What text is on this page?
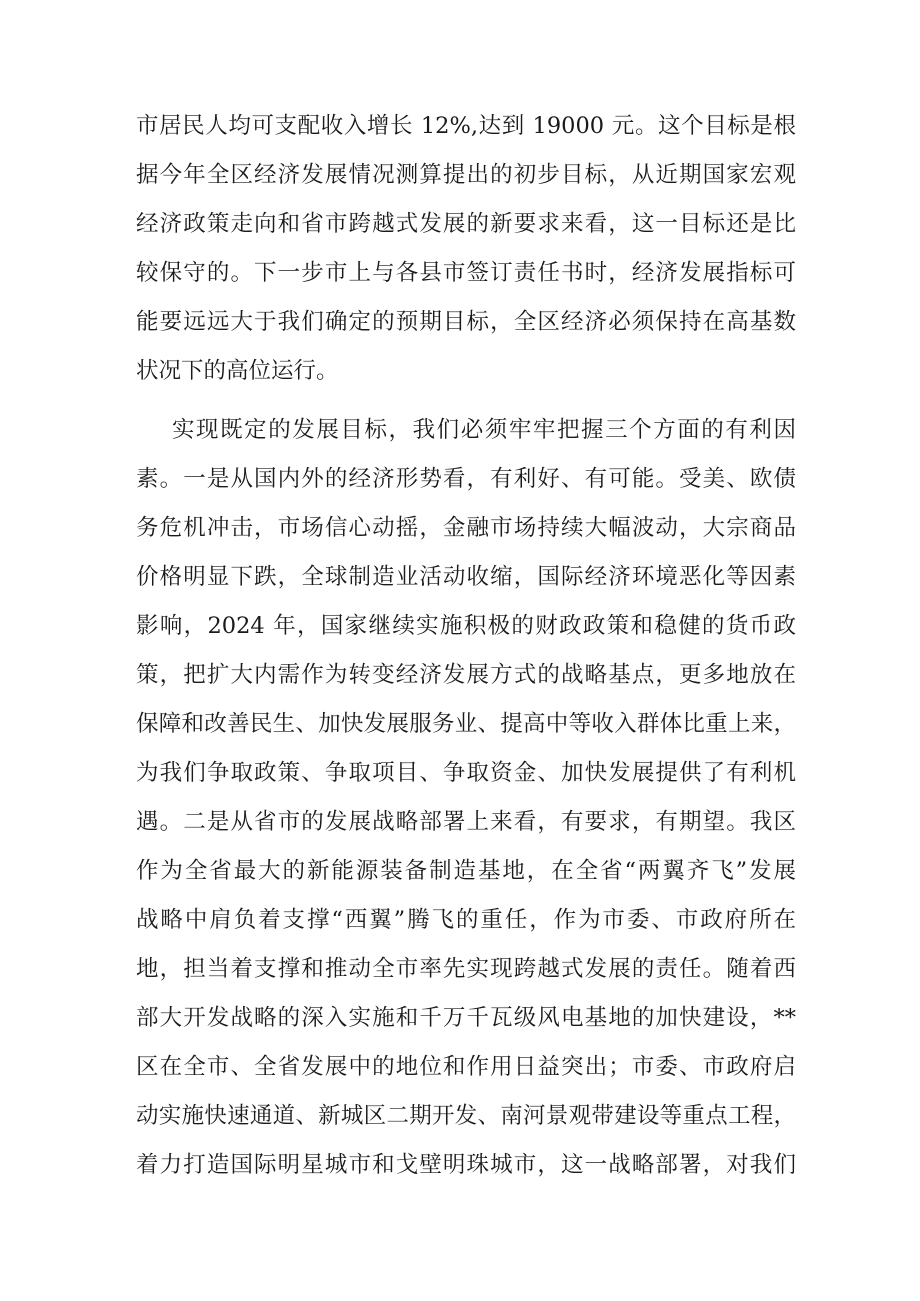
市居民人均可支配收入增长 12%,达到 19000 元。这个目标是根
据今年全区经济发展情况测算提出的初步目标，从近期国家宏观
经济政策走向和省市跨越式发展的新要求来看，这一目标还是比
较保守的。下一步市上与各县市签订责任书时，经济发展指标可
能要远远大于我们确定的预期目标，全区经济必须保持在高基数
状况下的高位运行。
实现既定的发展目标，我们必须牢牢把握三个方面的有利因
素。一是从国内外的经济形势看，有利好、有可能。受美、欧债
务危机冲击，市场信心动摇，金融市场持续大幅波动，大宗商品
价格明显下跌，全球制造业活动收缩，国际经济环境恶化等因素
影响，2024 年，国家继续实施积极的财政政策和稳健的货币政
策，把扩大内需作为转变经济发展方式的战略基点，更多地放在
保障和改善民生、加快发展服务业、提高中等收入群体比重上来，
为我们争取政策、争取项目、争取资金、加快发展提供了有利机
遇。二是从省市的发展战略部署上来看，有要求，有期望。我区
作为全省最大的新能源装备制造基地，在全省“两翼齐飞”发展
战略中肩负着支撑“西翼”腾飞的重任，作为市委、市政府所在
地，担当着支撑和推动全市率先实现跨越式发展的责任。随着西
部大开发战略的深入实施和千万千瓦级风电基地的加快建设，**
区在全市、全省发展中的地位和作用日益突出；市委、市政府启
动实施快速通道、新城区二期开发、南河景观带建设等重点工程，
着力打造国际明星城市和戈壁明珠城市，这一战略部署，对我们
